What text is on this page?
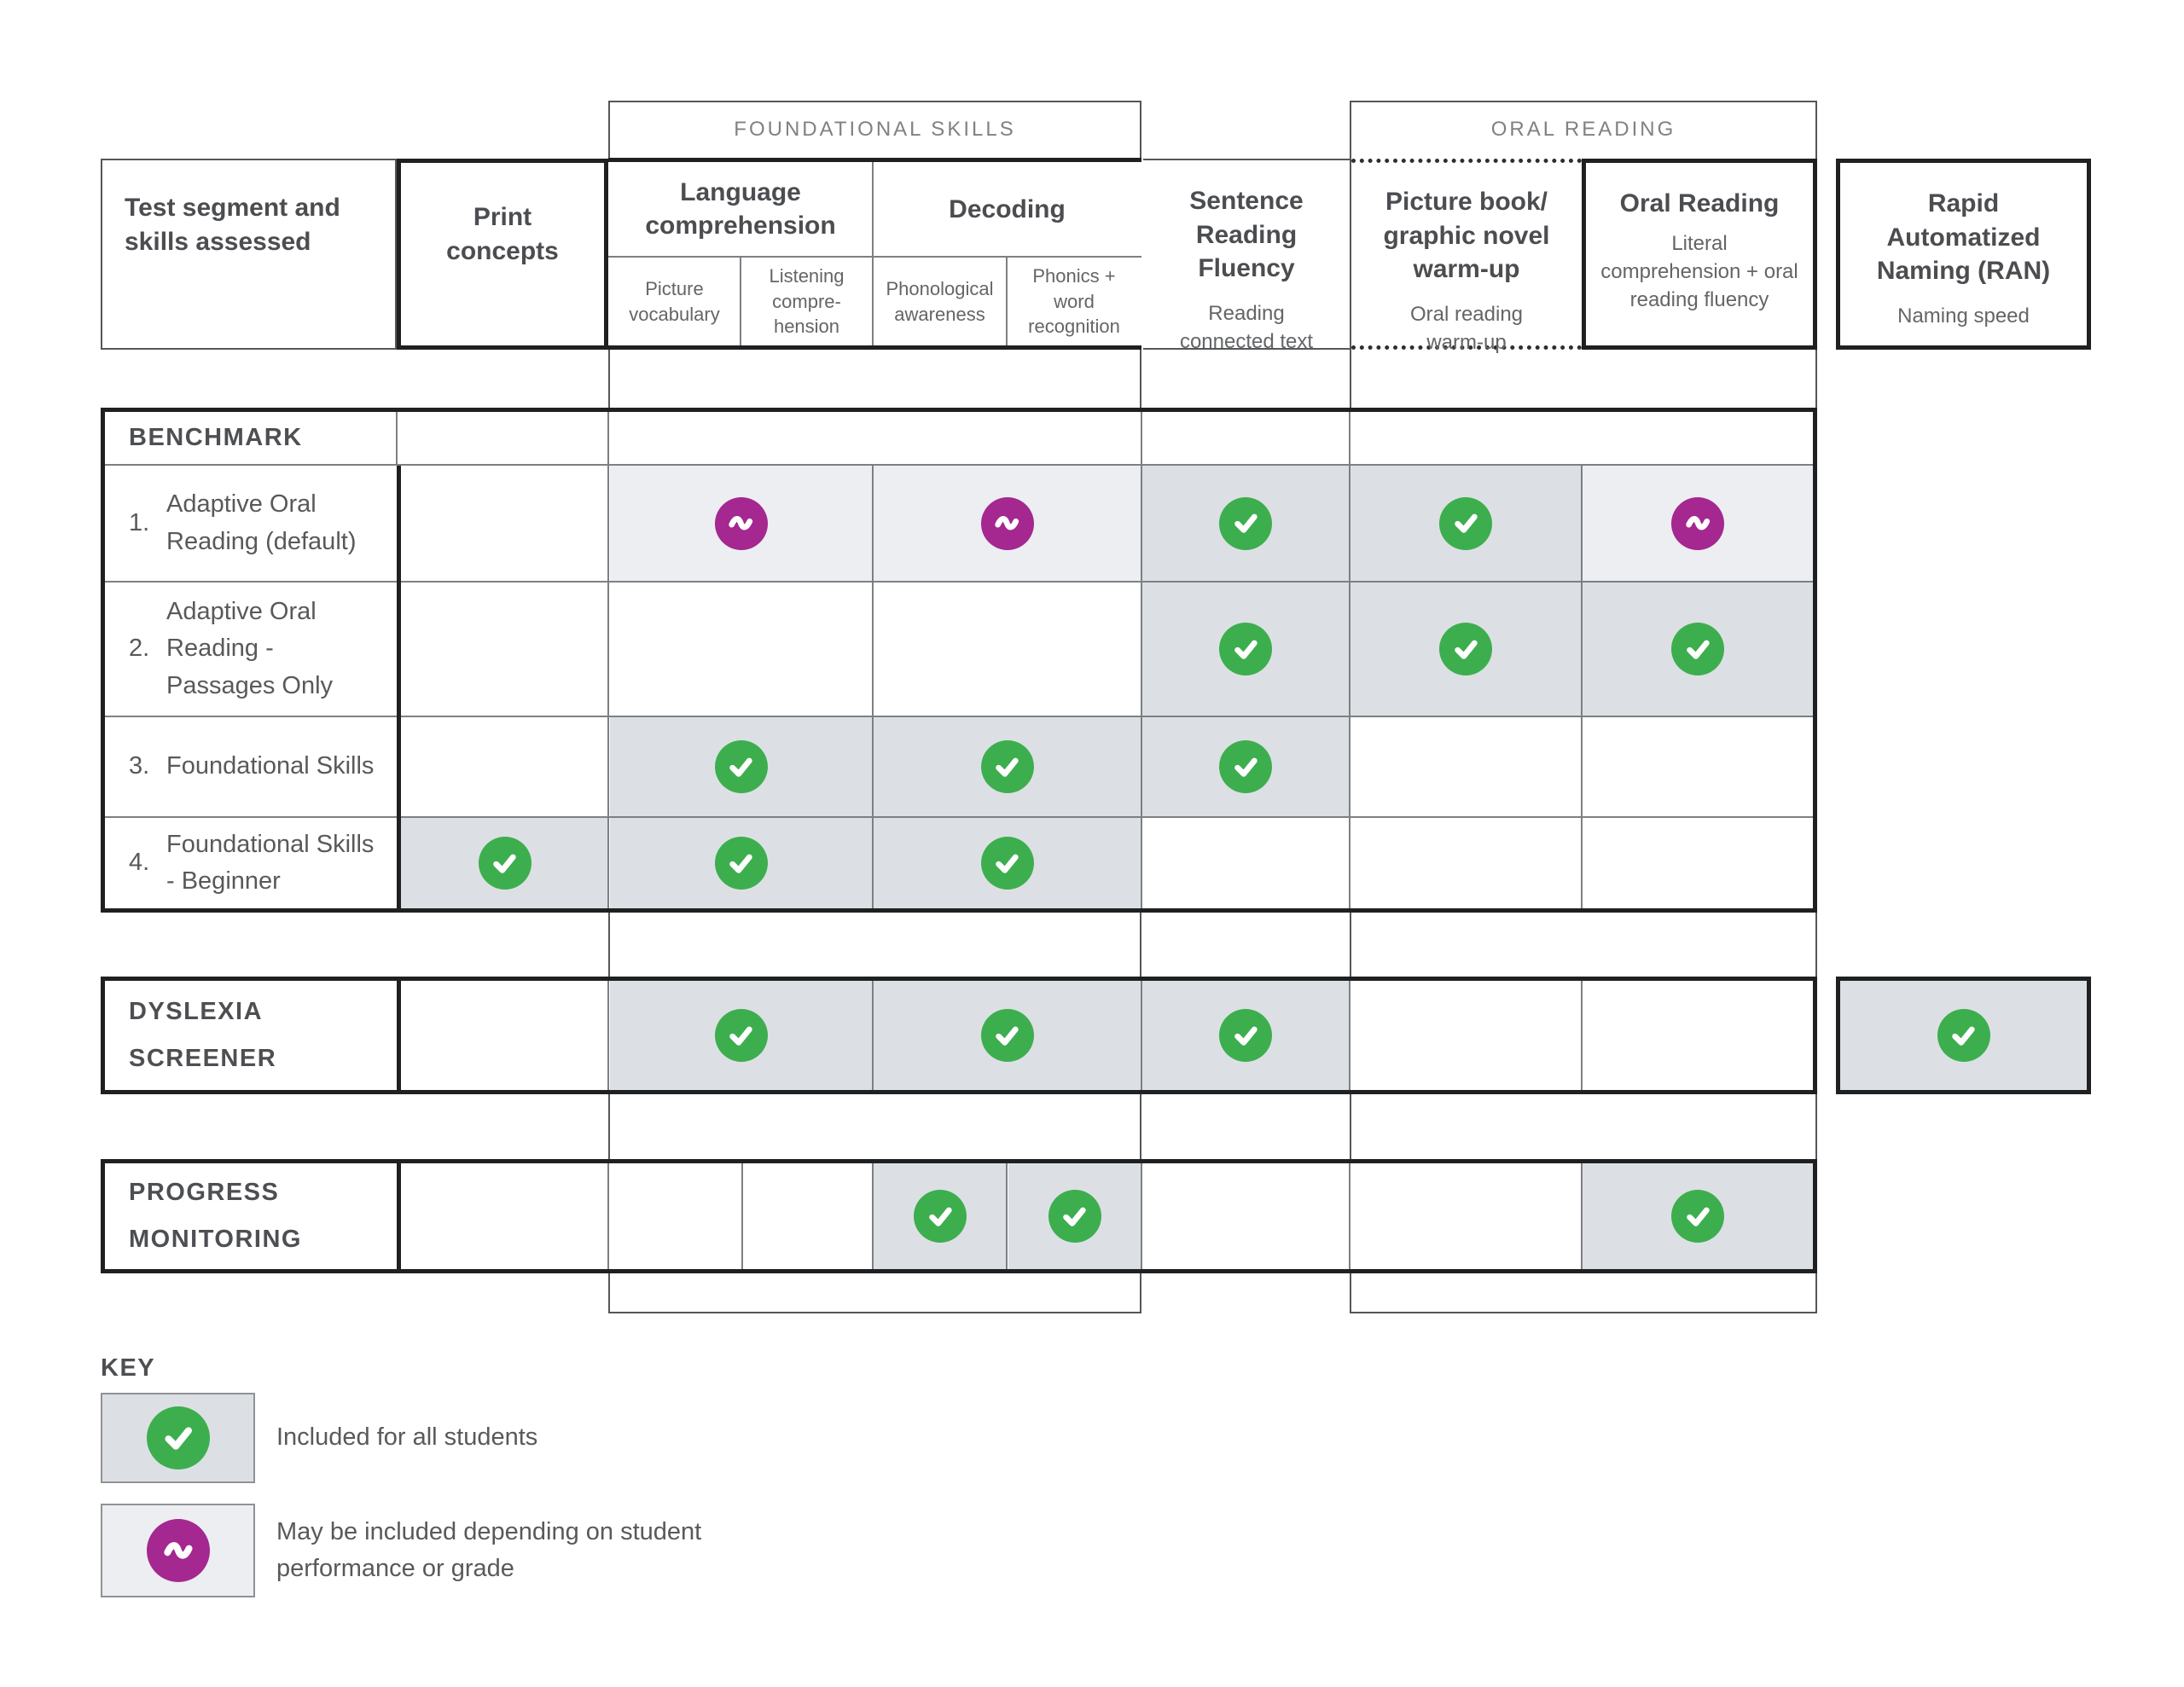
FOUNDATIONAL SKILLS	ORAL READING
Test segment and skills assessed
Print concepts
Language comprehension
Decoding
Picture vocabulary
Listening compre-hension
Phonological awareness
Phonics + word recognition
Sentence Reading Fluency
Reading connected text
Picture book/ graphic novel warm-up
Oral reading warm-up
Oral Reading
Literal comprehension + oral reading fluency
Rapid Automatized Naming (RAN)
Naming speed
BENCHMARK
1.
Adaptive Oral Reading (default)
2.
Adaptive Oral Reading - Passages Only
3. Foundational Skills
4.
Foundational Skills - Beginner
DYSLEXIA SCREENER
PROGRESS MONITORING
KEY
Included for all students
May be included depending on student performance or grade
